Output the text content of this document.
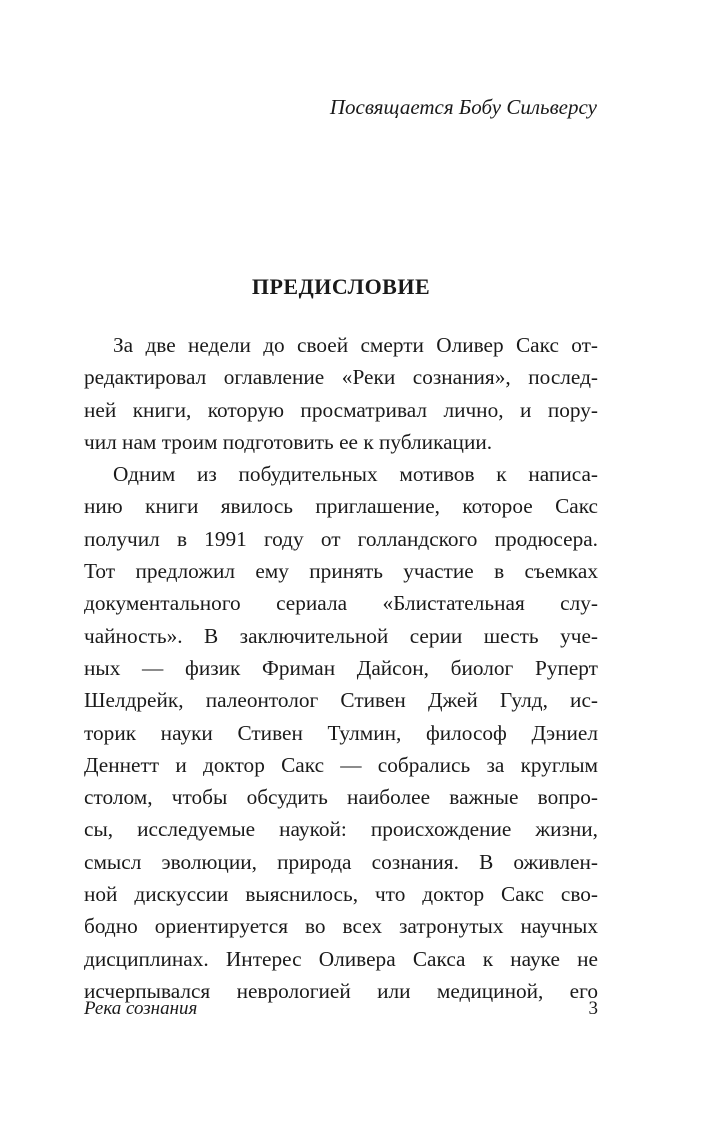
Посвящается Бобу Сильверсу
ПРЕДИСЛОВИЕ
За две недели до своей смерти Оливер Сакс от-
редактировал оглавление «Реки сознания», послед-
ней книги, которую просматривал лично, и пору-
чил нам троим подготовить ее к публикации.
Одним из побудительных мотивов к написа-
нию книги явилось приглашение, которое Сакс
получил в 1991 году от голландского продюсера.
Тот предложил ему принять участие в съемках
документального сериала «Блистательная слу-
чайность». В заключительной серии шесть уче-
ных — физик Фриман Дайсон, биолог Руперт
Шелдрейк, палеонтолог Стивен Джей Гулд, ис-
торик науки Стивен Тулмин, философ Дэниел
Деннетт и доктор Сакс — собрались за круглым
столом, чтобы обсудить наиболее важные вопро-
сы, исследуемые наукой: происхождение жизни,
смысл эволюции, природа сознания. В оживлен-
ной дискуссии выяснилось, что доктор Сакс сво-
бодно ориентируется во всех затронутых научных
дисциплинах. Интерес Оливера Сакса к науке не
исчерпывался неврологией или медициной, его
Река сознания	3
